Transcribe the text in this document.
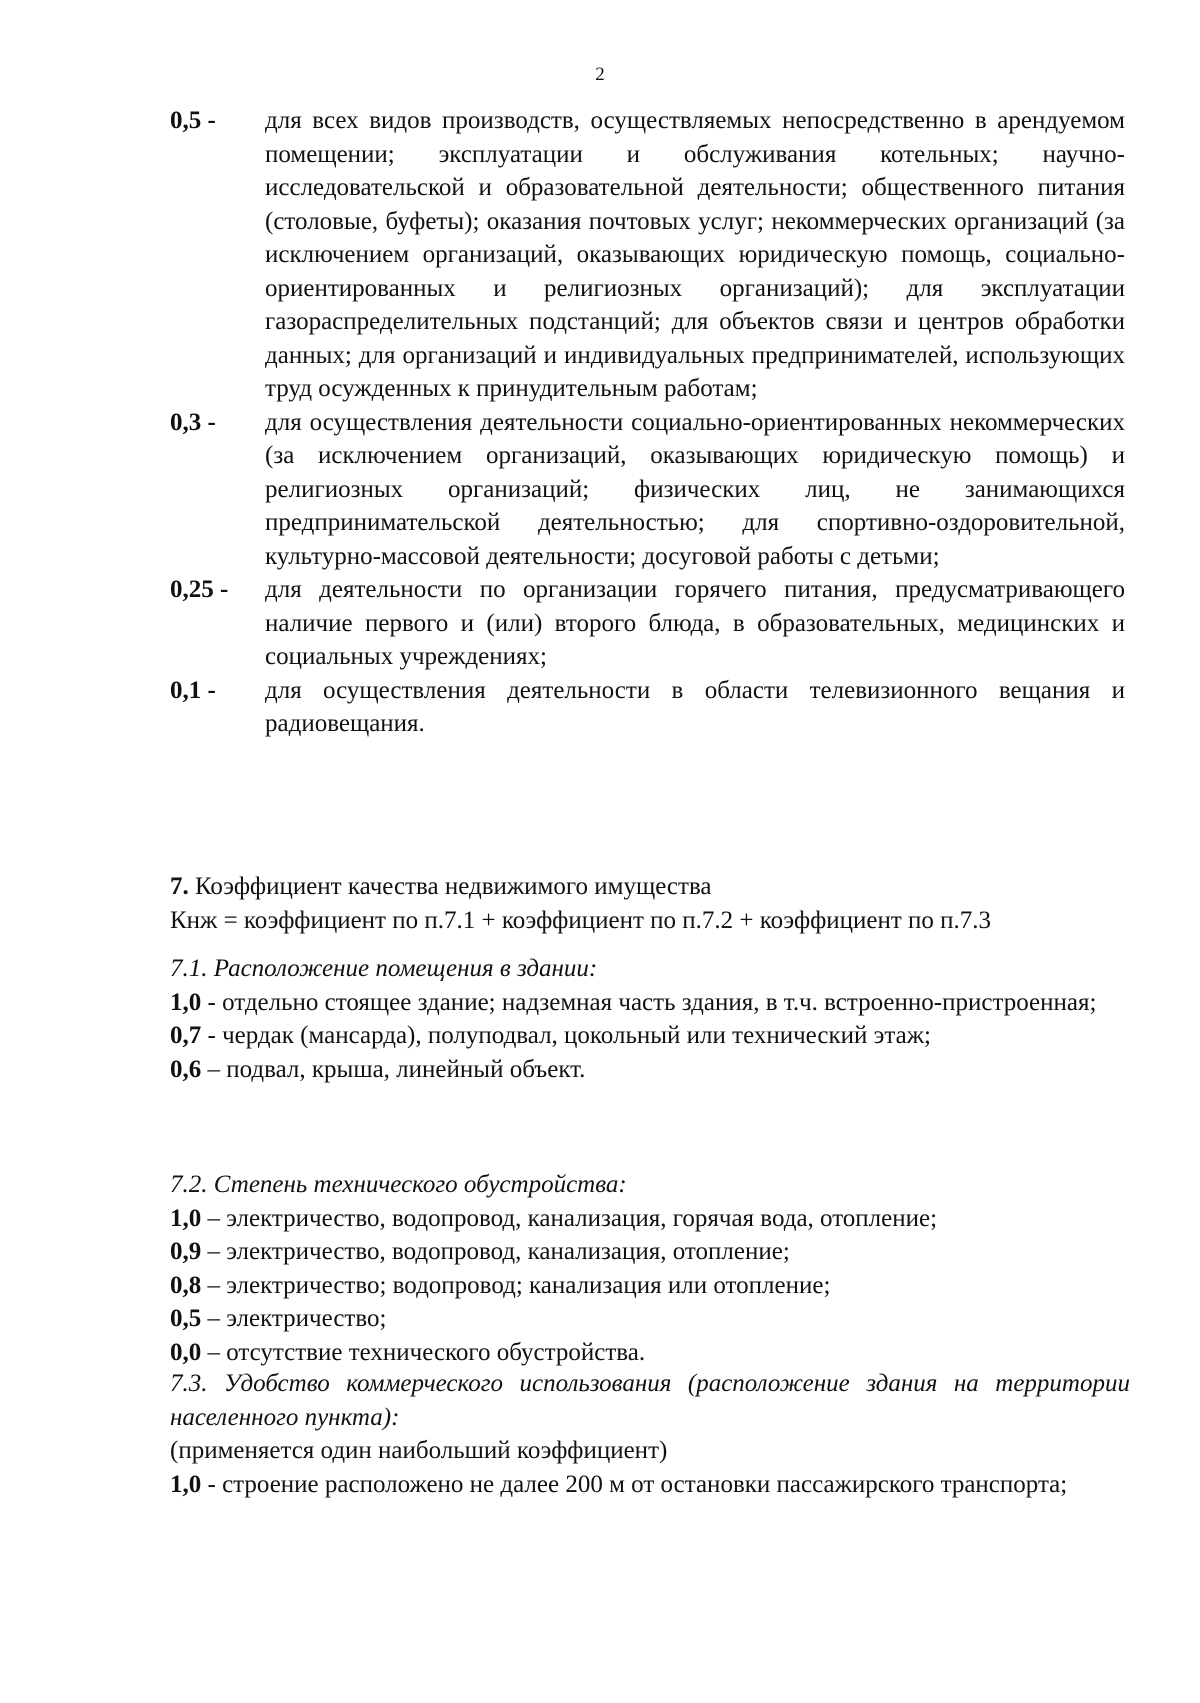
2
0,5 -	для всех видов производств, осуществляемых непосредственно в арендуемом помещении; эксплуатации и обслуживания котельных; научно-исследовательской и образовательной деятельности; общественного питания (столовые, буфеты); оказания почтовых услуг; некоммерческих организаций (за исключением организаций, оказывающих юридическую помощь, социально-ориентированных и религиозных организаций); для эксплуатации газораспределительных подстанций; для объектов связи и центров обработки данных; для организаций и индивидуальных предпринимателей, использующих труд осужденных к принудительным работам;
0,3 -	для осуществления деятельности социально-ориентированных некоммерческих (за исключением организаций, оказывающих юридическую помощь) и религиозных организаций; физических лиц, не занимающихся предпринимательской деятельностью; для спортивно-оздоровительной, культурно-массовой деятельности; досуговой работы с детьми;
0,25 -	для деятельности по организации горячего питания, предусматривающего наличие первого и (или) второго блюда, в образовательных, медицинских и социальных учреждениях;
0,1 -	для осуществления деятельности в области телевизионного вещания и радиовещания.

7. Коэффициент качества недвижимого имущества

Кнж = коэффициент по п.7.1 + коэффициент по п.7.2 + коэффициент по п.7.3

7.1. Расположение помещения в здании:

1,0 - отдельно стоящее здание; надземная часть здания, в т.ч. встроенно-пристроенная;

0,7 - чердак (мансарда), полуподвал, цокольный или технический этаж;

0,6 – подвал, крыша, линейный объект.

7.2. Степень технического обустройства:

1,0 – электричество, водопровод, канализация, горячая вода, отопление;

0,9 – электричество, водопровод, канализация, отопление;

0,8 – электричество; водопровод; канализация или отопление;

0,5 – электричество;

0,0 – отсутствие технического обустройства.

7.3. Удобство коммерческого использования (расположение здания на территории населенного пункта):

(применяется один наибольший коэффициент)

1,0 - строение расположено не далее 200 м от остановки пассажирского транспорта;
